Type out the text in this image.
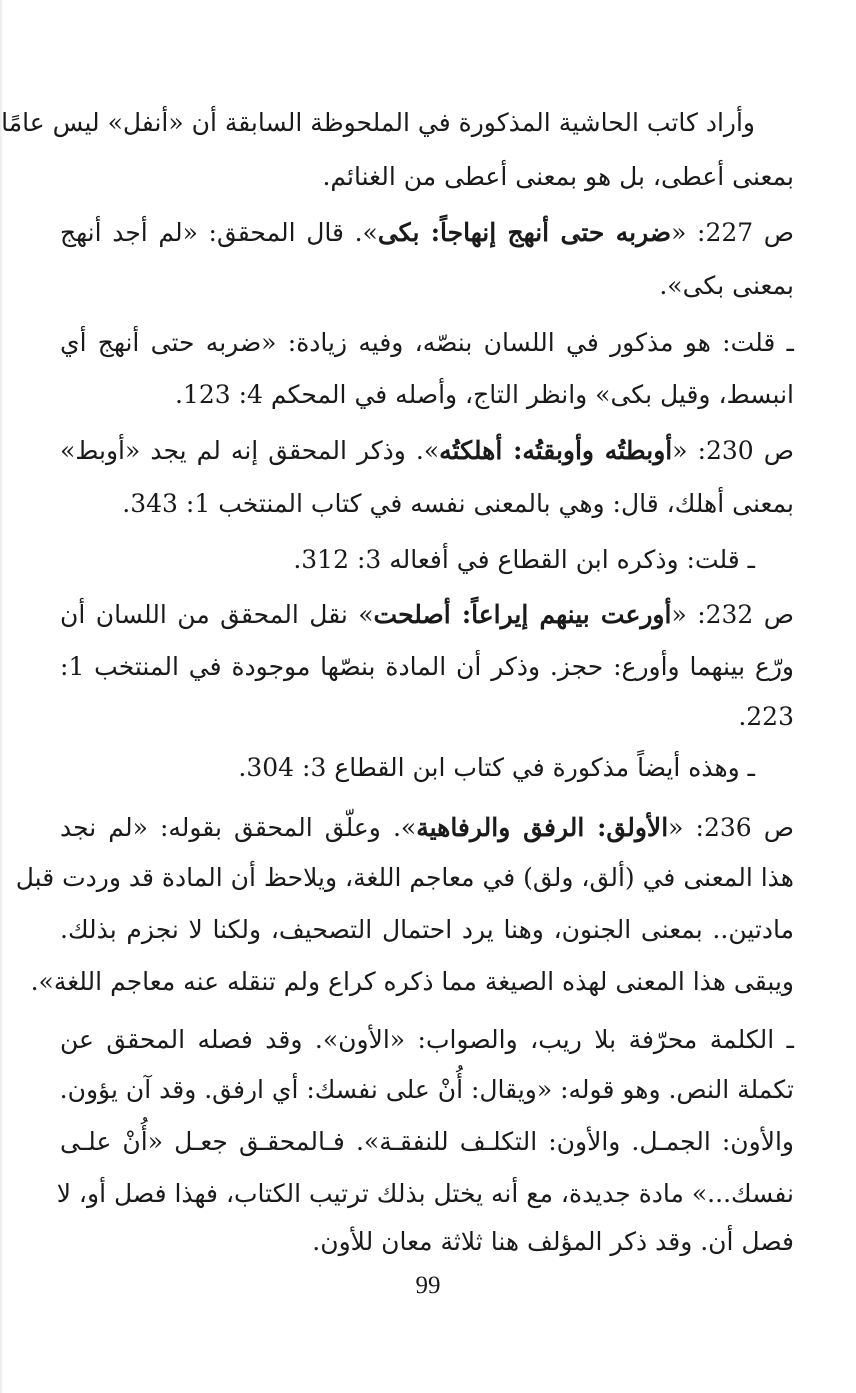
وأراد كاتب الحاشية المذكورة في الملحوظة السابقة أن «أنفل» ليس عامًا
بمعنى أعطى، بل هو بمعنى أعطى من الغنائم.
ص 227: «ضربه حتى أنهج إنهاجاً: بكى». قال المحقق: «لم أجد أنهج
بمعنى بكى».
ـ قلت: هو مذكور في اللسان بنصّه، وفيه زيادة: «ضربه حتى أنهج أي
انبسط، وقيل بكى» وانظر التاج، وأصله في المحكم 4: 123.
ص 230: «أوبطتُه وأوبقتُه: أهلكتُه». وذكر المحقق إنه لم يجد «أوبط»
بمعنى أهلك، قال: وهي بالمعنى نفسه في كتاب المنتخب 1: 343.
ـ قلت: وذكره ابن القطاع في أفعاله 3: 312.
ص 232: «أورعت بينهم إيراعاً: أصلحت» نقل المحقق من اللسان أن
ورّع بينهما وأورع: حجز. وذكر أن المادة بنصّها موجودة في المنتخب 1:
223.
ـ وهذه أيضاً مذكورة في كتاب ابن القطاع 3: 304.
ص 236: «الأولق: الرفق والرفاهية». وعلّق المحقق بقوله: «لم نجد
هذا المعنى في (ألق، ولق) في معاجم اللغة، ويلاحظ أن المادة قد وردت قبل
مادتين.. بمعنى الجنون، وهنا يرد احتمال التصحيف، ولكنا لا نجزم بذلك.
ويبقى هذا المعنى لهذه الصيغة مما ذكره كراع ولم تنقله عنه معاجم اللغة».
ـ الكلمة محرّفة بلا ريب، والصواب: «الأون». وقد فصله المحقق عن
تكملة النص. وهو قوله: «ويقال: أُنْ على نفسك: أي ارفق. وقد آن يؤون.
والأون: الجمـل. والأون: التكلـف للنفقـة». فـالمحقـق جعـل «أُنْ علـى
نفسك...» مادة جديدة، مع أنه يختل بذلك ترتيب الكتاب، فهذا فصل أو، لا
فصل أن. وقد ذكر المؤلف هنا ثلاثة معان للأون.
99
